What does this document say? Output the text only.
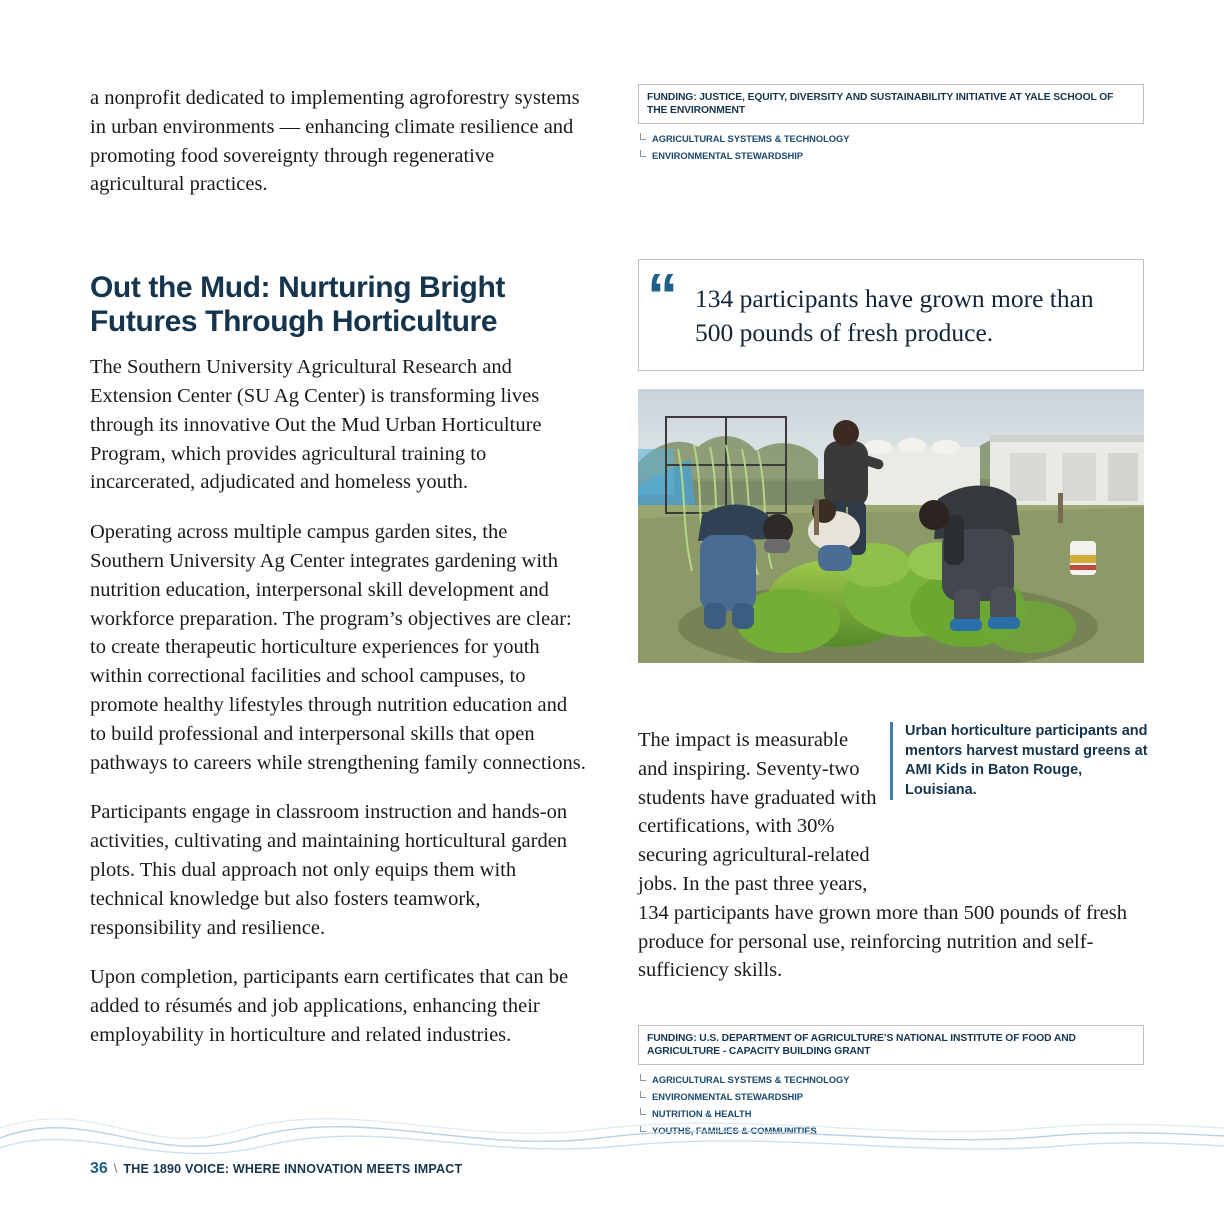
a nonprofit dedicated to implementing agroforestry systems in urban environments — enhancing climate resilience and promoting food sovereignty through regenerative agricultural practices.

Out the Mud: Nurturing Bright Futures Through Horticulture

The Southern University Agricultural Research and Extension Center (SU Ag Center) is transforming lives through its innovative Out the Mud Urban Horticulture Program, which provides agricultural training to incarcerated, adjudicated and homeless youth.

Operating across multiple campus garden sites, the Southern University Ag Center integrates gardening with nutrition education, interpersonal skill development and workforce preparation. The program’s objectives are clear: to create therapeutic horticulture experiences for youth within correctional facilities and school campuses, to promote healthy lifestyles through nutrition education and to build professional and interpersonal skills that open pathways to careers while strengthening family connections.

Participants engage in classroom instruction and hands-on activities, cultivating and maintaining horticultural garden plots. This dual approach not only equips them with technical knowledge but also fosters teamwork, responsibility and resilience.

Upon completion, participants earn certificates that can be added to résumés and job applications, enhancing their employability in horticulture and related industries.

FUNDING: JUSTICE, EQUITY, DIVERSITY AND SUSTAINABILITY INITIATIVE AT YALE SCHOOL OF THE ENVIRONMENT
AGRICULTURAL SYSTEMS & TECHNOLOGY
ENVIRONMENTAL STEWARDSHIP
“ 134 participants have grown more than 500 pounds of fresh produce.
Urban horticulture participants and mentors harvest mustard greens at AMI Kids in Baton Rouge, Louisiana.
The impact is measurable and inspiring. Seventy-two students have graduated with certifications, with 30% securing agricultural-related jobs. In the past three years, 134 participants have grown more than 500 pounds of fresh produce for personal use, reinforcing nutrition and self-sufficiency skills.
FUNDING: U.S. DEPARTMENT OF AGRICULTURE’S NATIONAL INSTITUTE OF FOOD AND AGRICULTURE - CAPACITY BUILDING GRANT
AGRICULTURAL SYSTEMS & TECHNOLOGY
ENVIRONMENTAL STEWARDSHIP
NUTRITION & HEALTH
YOUTHS, FAMILIES & COMMUNITIES
36 \ THE 1890 VOICE: WHERE INNOVATION MEETS IMPACT
